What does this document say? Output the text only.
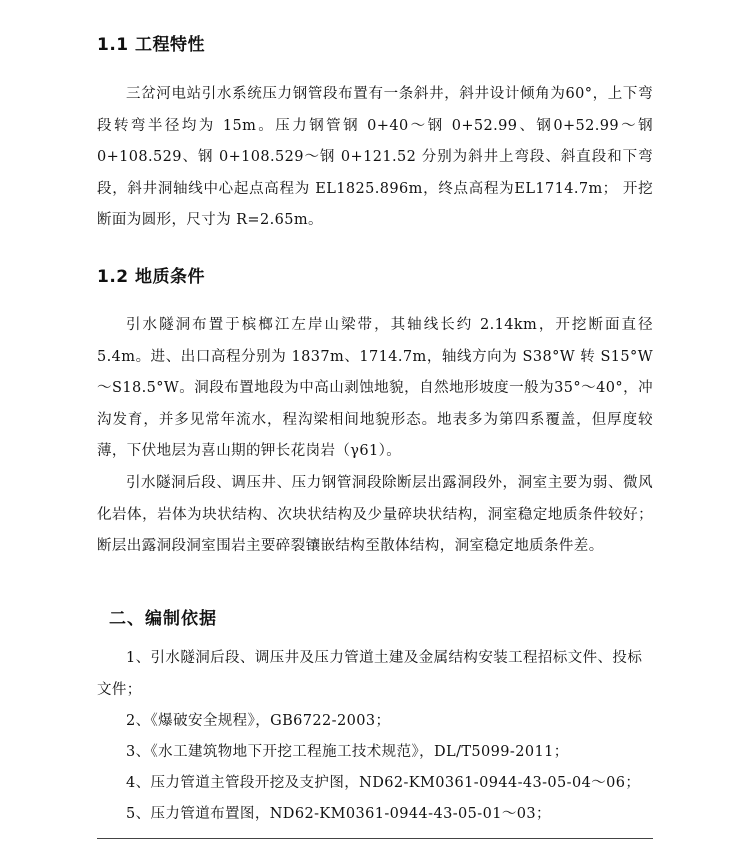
1.1 工程特性

三岔河电站引水系统压力钢管段布置有一条斜井，斜井设计倾角为60°，上下弯段转弯半径均为 15m。压力钢管钢 0+40～钢 0+52.99、钢0+52.99～钢 0+108.529、钢 0+108.529～钢 0+121.52 分别为斜井上弯段、斜直段和下弯段，斜井洞轴线中心起点高程为 EL1825.896m，终点高程为EL1714.7m； 开挖断面为圆形，尺寸为 R=2.65m。

1.2 地质条件

引水隧洞布置于槟榔江左岸山梁带，其轴线长约 2.14km，开挖断面直径 5.4m。进、出口高程分别为 1837m、1714.7m，轴线方向为 S38°W 转 S15°W～S18.5°W。洞段布置地段为中高山剥蚀地貌，自然地形坡度一般为35°～40°，冲沟发育，并多见常年流水，程沟梁相间地貌形态。地表多为第四系覆盖，但厚度较薄，下伏地层为喜山期的钾长花岗岩（γ61）。

引水隧洞后段、调压井、压力钢管洞段除断层出露洞段外，洞室主要为弱、微风化岩体，岩体为块状结构、次块状结构及少量碎块状结构，洞室稳定地质条件较好；断层出露洞段洞室围岩主要碎裂镶嵌结构至散体结构，洞室稳定地质条件差。

二、编制依据

1、引水隧洞后段、调压井及压力管道土建及金属结构安装工程招标文件、投标文件；

2、《爆破安全规程》，GB6722-2003；

3、《水工建筑物地下开挖工程施工技术规范》，DL/T5099-2011；

4、压力管道主管段开挖及支护图，ND62-KM0361-0944-43-05-04～06；

5、压力管道布置图，ND62-KM0361-0944-43-05-01～03；
